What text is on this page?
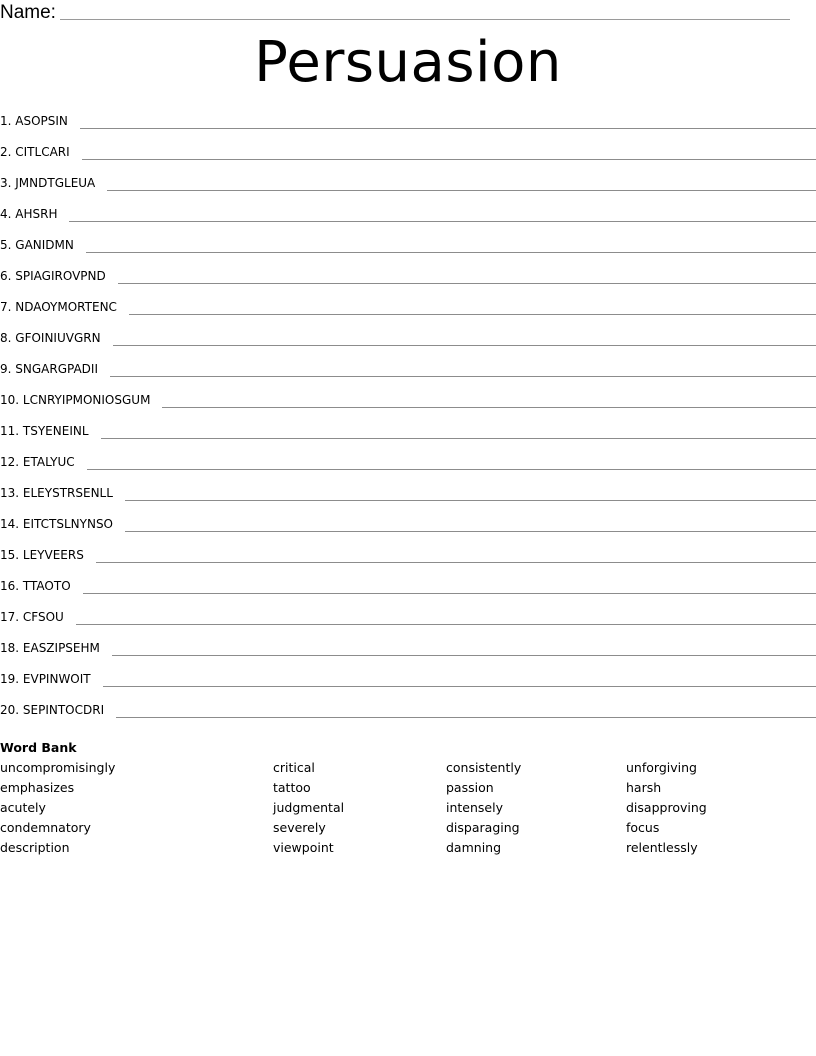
Name:
Persuasion
1. ASOPSIN
2. CITLCARI
3. JMNDTGLEUA
4. AHSRH
5. GANIDMN
6. SPIAGIROVPND
7. NDAOYMORTENC
8. GFOINIUVGRN
9. SNGARGPADII
10. LCNRYIPMONIOSGUM
11. TSYENEINL
12. ETALYUC
13. ELEYSTRSENLL
14. EITCTSLNYNSO
15. LEYVEERS
16. TTAOTO
17. CFSOU
18. EASZIPSEHM
19. EVPINWOIT
20. SEPINTOCDRI
Word Bank
uncompromisingly
emphasizes
acutely
condemnatory
description
critical
tattoo
judgmental
severely
viewpoint
consistently
passion
intensely
disparaging
damning
unforgiving
harsh
disapproving
focus
relentlessly
